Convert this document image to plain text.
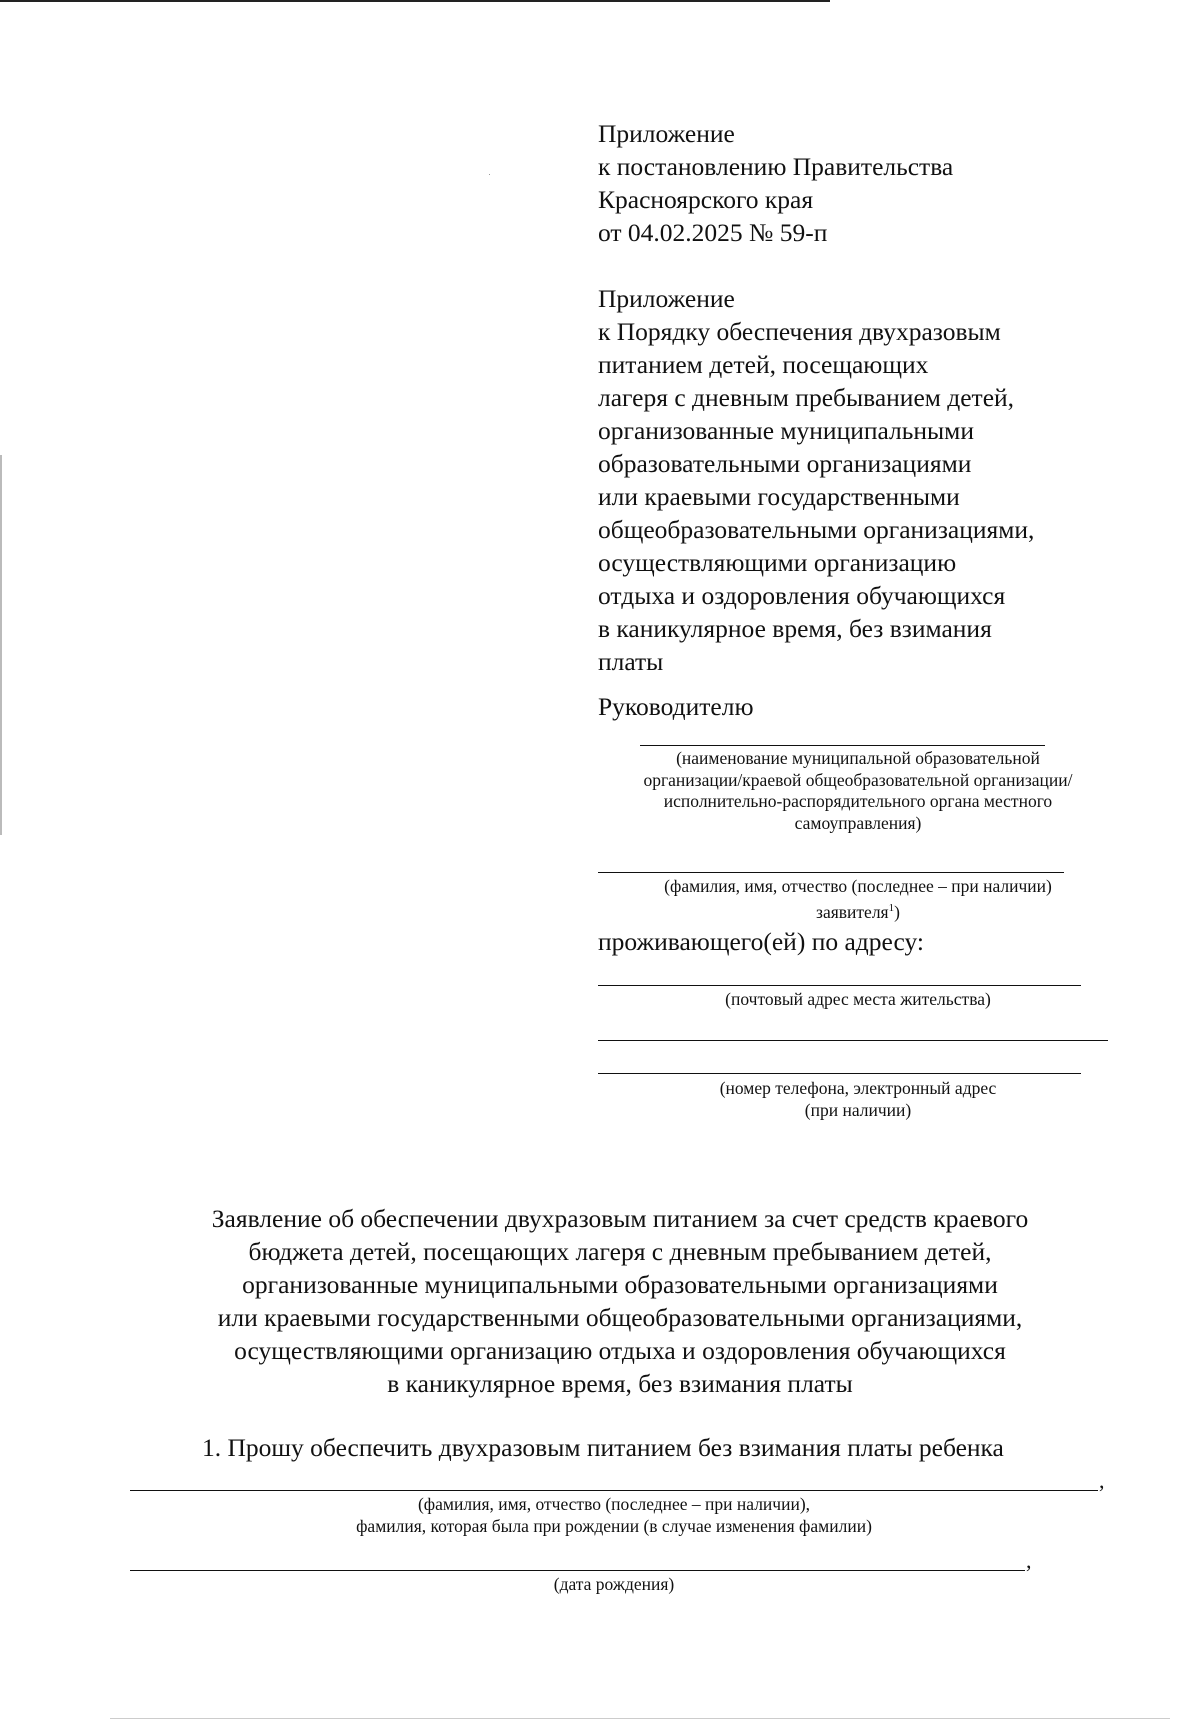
Приложение
к постановлению Правительства
Красноярского края
от 04.02.2025 № 59-п
Приложение
к Порядку обеспечения двухразовым
питанием детей, посещающих
лагеря с дневным пребыванием детей,
организованные муниципальными
образовательными организациями
или краевыми государственными
общеобразовательными организациями,
осуществляющими организацию
отдыха и оздоровления обучающихся
в каникулярное время, без взимания
платы
Руководителю
(наименование муниципальной образовательной
организации/краевой общеобразовательной организации/
исполнительно-распорядительного органа местного
самоуправления)
(фамилия, имя, отчество (последнее – при наличии)
заявителя$^1$)
проживающего(ей) по адресу:
(почтовый адрес места жительства)
(номер телефона, электронный адрес
(при наличии)
Заявление об обеспечении двухразовым питанием за счет средств краевого
бюджета детей, посещающих лагеря с дневным пребыванием детей,
организованные муниципальными образовательными организациями
или краевыми государственными общеобразовательными организациями,
осуществляющими организацию отдыха и оздоровления обучающихся
в каникулярное время, без взимания платы
1. Прошу обеспечить двухразовым питанием без взимания платы ребенка
,
(фамилия, имя, отчество (последнее – при наличии),
фамилия, которая была при рождении (в случае изменения фамилии)
,
(дата рождения)
